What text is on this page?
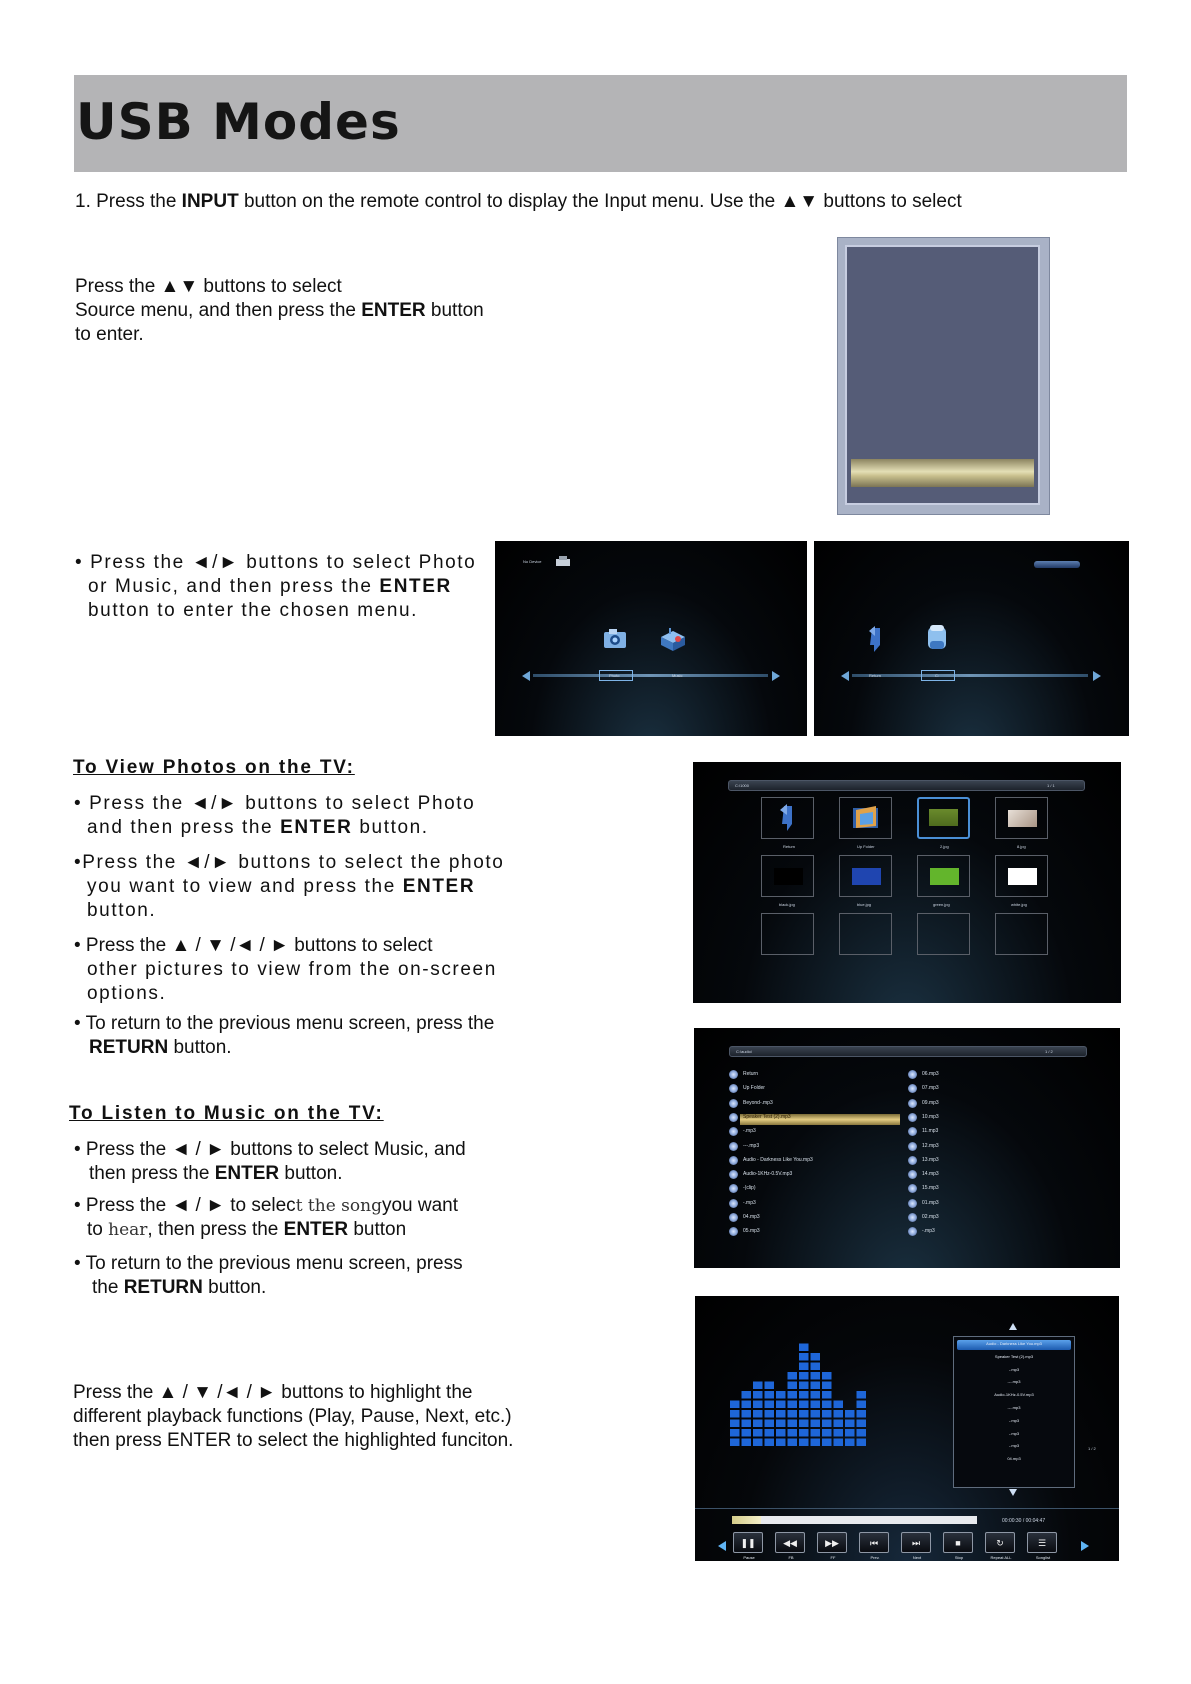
USB Modes

1. Press the INPUT button on the remote control to display the Input menu. Use the ▲▼ buttons to select

Press the ▲▼ buttons to select

Source menu, and then press the ENTER button

to enter.

• Press the ◄/► buttons to select Photo

or Music, and then press the ENTER

button to enter the chosen menu.

No Device
Photo	Music	Return	C:
To View Photos on the TV:

• Press the ◄/► buttons to select Photo

and then press the ENTER button.

•Press the ◄/► buttons to select the photo

you want to view and press the ENTER

button.

• Press the ▲ / ▼ /◄ / ► buttons to select

other pictures to view from the on-screen

options.

• To return to the previous menu screen, press the

RETURN button.

C:\1000	1 / 1
Return	Up Folder	2.jpg	8.jpg
black.jpg	blue.jpg	green.jpg	white.jpg
To Listen to Music on the TV:

• Press the ◄ / ► buttons to select Music, and

then press the ENTER button.

• Press the ◄ / ► to select the songyou want

to hear, then press the ENTER button

• To return to the previous menu screen, press

the RETURN button.

C:\audio\	1 / 2
Return
Up Folder
Beyond-.mp3
Speaker Test (2).mp3
-.mp3
---.mp3
Audio - Darkness Like You.mp3
Audio-1KHz-0.5V.mp3
-(clip)
-.mp3
04.mp3
05.mp3
06.mp3
07.mp3
09.mp3
10.mp3
11.mp3
12.mp3
13.mp3
14.mp3
15.mp3
01.mp3
02.mp3
-.mp3

Press the ▲ / ▼ /◄ / ► buttons to highlight the

different playback functions (Play, Pause, Next, etc.)

then press ENTER to select the highlighted funciton.

Audio - Darkness Like You.mp3
Speaker Test (2).mp3
-.mp3
---.mp3
Audio-1KHz-0.5V.mp3
---.mp3
-.mp3
-.mp3
-.mp3
04.mp3
1 / 2
00:00:30 / 00:04:47
❚❚
Pause
◀◀
FB
▶▶
FF
⏮
Prev.
⏭
Next
■
Stop
↻
Repeat ALL
☰
Songlist
